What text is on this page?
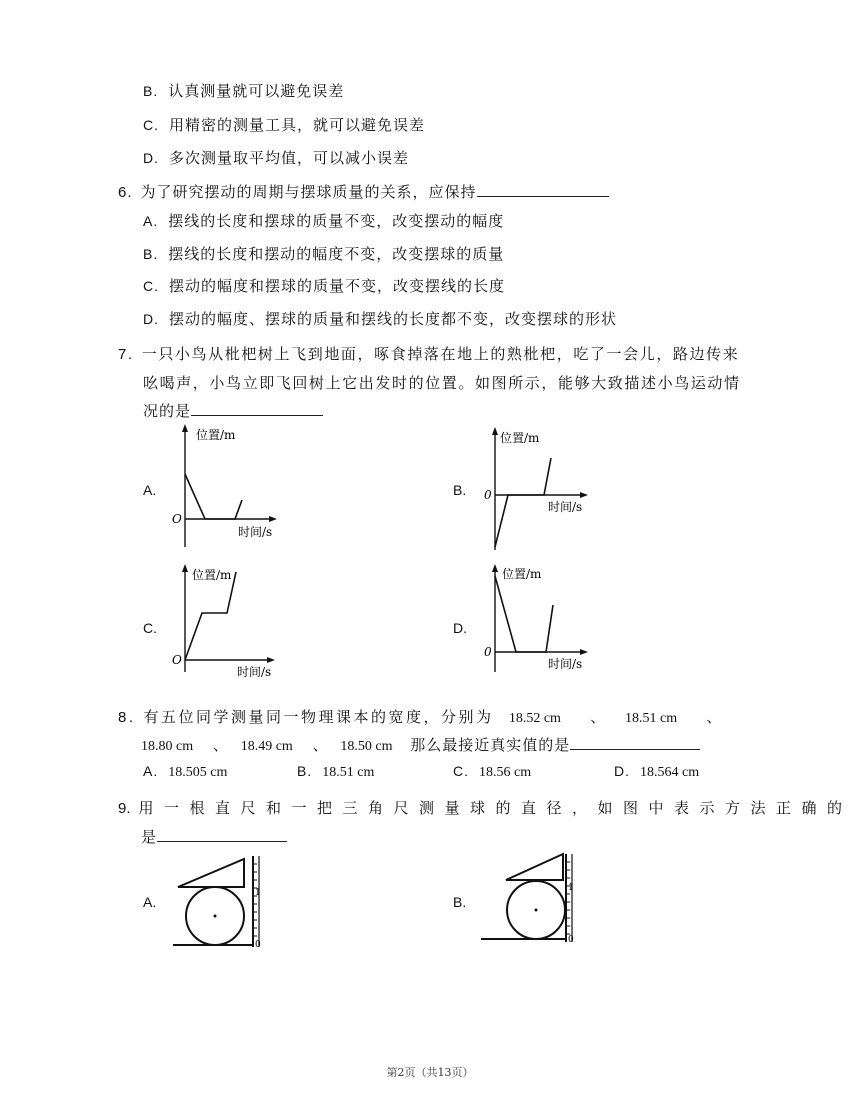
B. 认真测量就可以避免误差
C. 用精密的测量工具，就可以避免误差
D. 多次测量取平均值，可以减小误差
6. 为了研究摆动的周期与摆球质量的关系，应保持
A. 摆线的长度和摆球的质量不变，改变摆动的幅度
B. 摆线的长度和摆动的幅度不变，改变摆球的质量
C. 摆动的幅度和摆球的质量不变，改变摆线的长度
D. 摆动的幅度、摆球的质量和摆线的长度都不变，改变摆球的形状
7. 一只小鸟从枇杷树上飞到地面，啄食掉落在地上的熟枇杷，吃了一会儿，路边传来
吆喝声，小鸟立即飞回树上它出发时的位置。如图所示，能够大致描述小鸟运动情
况的是
A.
位置/m
时间/s
O
B.
位置/m
时间/s
0
C.
位置/m
时间/s
O
D.
位置/m
时间/s
0
8. 有五位同学测量同一物理课本的宽度，分别为 18.52 cm 、 18.51 cm 、
18.80 cm 、 18.49 cm 、 18.50 cm 那么最接近真实值的是
A. 18.505 cm	B. 18.51 cm	C. 18.56 cm	D. 18.564 cm
9. 用一根直尺和一把三角尺测量球的直径，如图中表示方法正确的
是
A.
1
0
B.
1
0
第2页（共13页）
